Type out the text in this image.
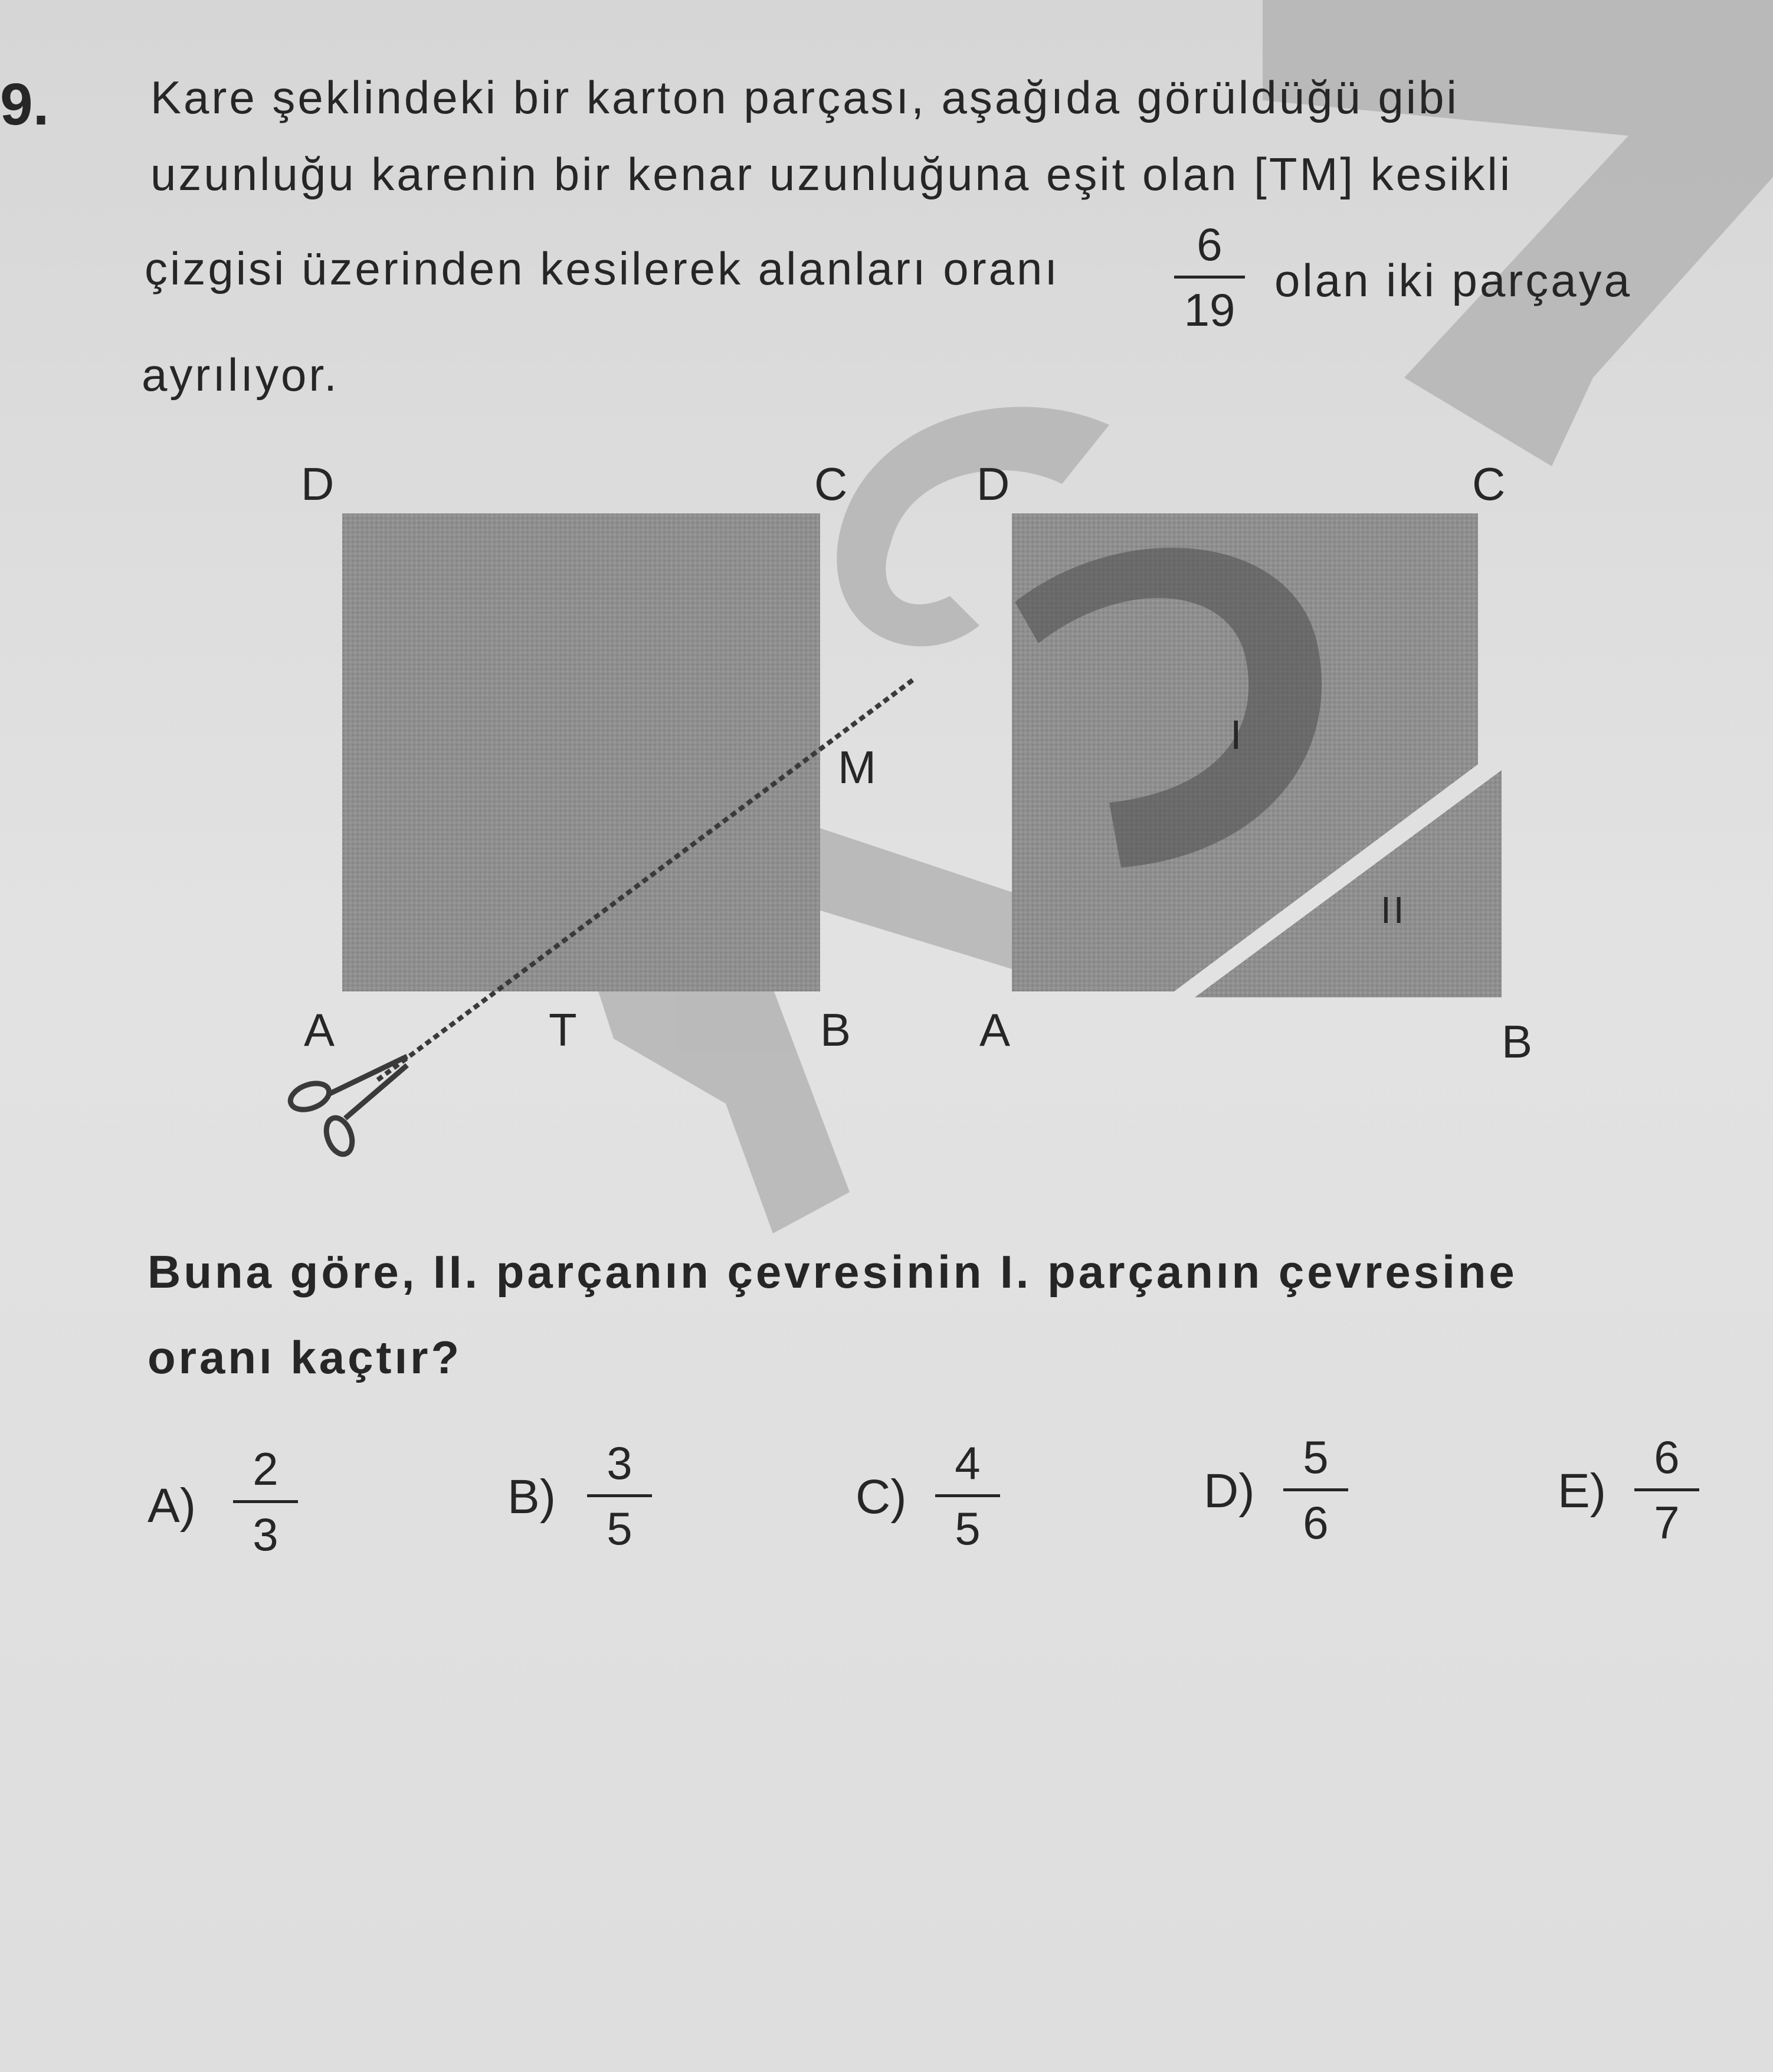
9. Kare şeklindeki bir karton parçası, aşağıda görüldüğü gibi
uzunluğu karenin bir kenar uzunluğuna eşit olan [TM] kesikli
çizgisi üzerinden kesilerek alanları oranı	6
19
olan iki parçaya
ayrılıyor.
D	C
A	T	B
M
D	C
A	B
I
II
Buna göre, II. parçanın çevresinin I. parçanın çevresine
oranı kaçtır?
A)
2
3
B)
3
5
C)
4
5
D)
5
6
E)
6
7
